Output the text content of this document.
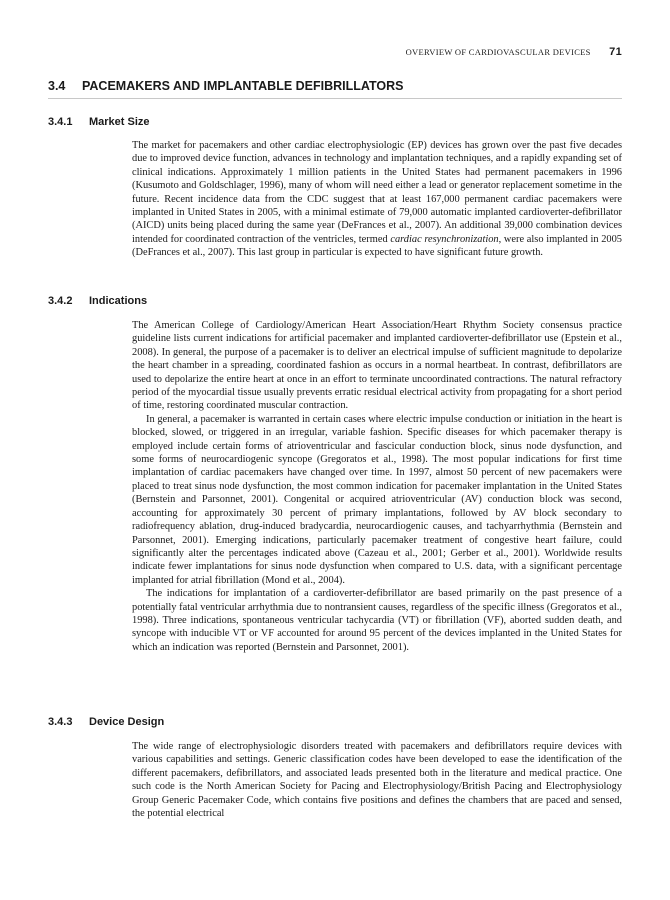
OVERVIEW OF CARDIOVASCULAR DEVICES 71
3.4 PACEMAKERS AND IMPLANTABLE DEFIBRILLATORS
3.4.1 Market Size

The market for pacemakers and other cardiac electrophysiologic (EP) devices has grown over the past five decades due to improved device function, advances in technology and implantation techniques, and a rapidly expanding set of clinical indications. Approximately 1 million patients in the United States had permanent pacemakers in 1996 (Kusumoto and Goldschlager, 1996), many of whom will need either a lead or generator replacement sometime in the future. Recent incidence data from the CDC suggest that at least 167,000 permanent cardiac pacemakers were implanted in United States in 2005, with a minimal estimate of 79,000 automatic implanted cardioverter-defibrillator (AICD) units being placed during the same year (DeFrances et al., 2007). An additional 39,000 combination devices intended for coordinated contraction of the ventricles, termed cardiac resynchronization, were also implanted in 2005 (DeFrances et al., 2007). This last group in particular is expected to have significant future growth.

3.4.2 Indications

The American College of Cardiology/American Heart Association/Heart Rhythm Society consensus practice guideline lists current indications for artificial pacemaker and implanted cardioverter-defibrillator use (Epstein et al., 2008). In general, the purpose of a pacemaker is to deliver an electrical impulse of sufficient magnitude to depolarize the heart chamber in a spreading, coordinated fashion as occurs in a normal heartbeat. In contrast, defibrillators are used to depolarize the entire heart at once in an effort to terminate uncoordinated contractions. The natural refractory period of the myocardial tissue usually prevents erratic residual electrical activity from propagating for a short period of time, restoring coordinated muscular contraction.

In general, a pacemaker is warranted in certain cases where electric impulse conduction or initiation in the heart is blocked, slowed, or triggered in an irregular, variable fashion. Specific diseases for which pacemaker therapy is employed include certain forms of atrioventricular and fascicular conduction block, sinus node dysfunction, and some forms of neurocardiogenic syncope (Gregoratos et al., 1998). The most popular indications for first time implantation of cardiac pacemakers have changed over time. In 1997, almost 50 percent of new pacemakers were placed to treat sinus node dysfunction, the most common indication for pacemaker implantation in the United States (Bernstein and Parsonnet, 2001). Congenital or acquired atrioventricular (AV) conduction block was second, accounting for approximately 30 percent of primary implantations, followed by AV block secondary to radiofrequency ablation, drug-induced bradycardia, neurocardiogenic causes, and tachyarrhythmia (Bernstein and Parsonnet, 2001). Emerging indications, particularly pacemaker treatment of congestive heart failure, could significantly alter the percentages indicated above (Cazeau et al., 2001; Gerber et al., 2001). Worldwide results indicate fewer implantations for sinus node dysfunction when compared to U.S. data, with a significant percentage implanted for atrial fibrillation (Mond et al., 2004).

The indications for implantation of a cardioverter-defibrillator are based primarily on the past presence of a potentially fatal ventricular arrhythmia due to nontransient causes, regardless of the specific illness (Gregoratos et al., 1998). Three indications, spontaneous ventricular tachycardia (VT) or fibrillation (VF), aborted sudden death, and syncope with inducible VT or VF accounted for around 95 percent of the devices implanted in the United States for which an indication was reported (Bernstein and Parsonnet, 2001).

3.4.3 Device Design

The wide range of electrophysiologic disorders treated with pacemakers and defibrillators require devices with various capabilities and settings. Generic classification codes have been developed to ease the identification of the different pacemakers, defibrillators, and associated leads presented both in the literature and medical practice. One such code is the North American Society for Pacing and Electrophysiology/British Pacing and Electrophysiology Group Generic Pacemaker Code, which contains five positions and defines the chambers that are paced and sensed, the potential electrical
